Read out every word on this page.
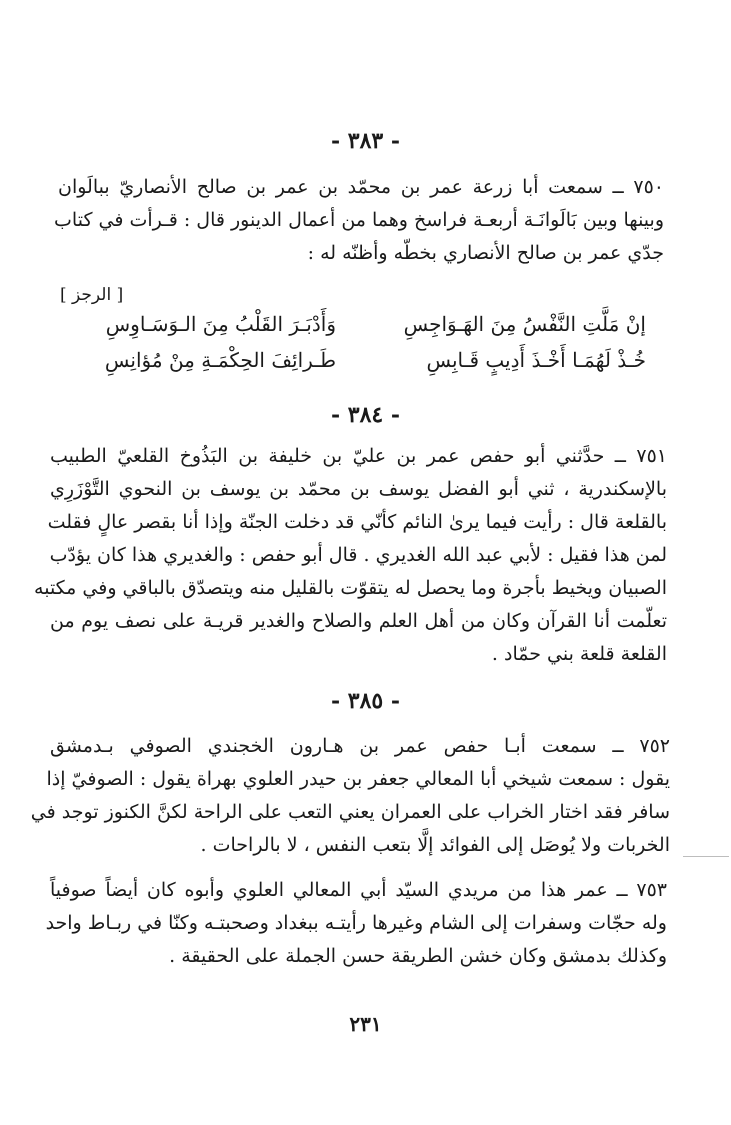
- ٣٨٣ -
٧٥٠ ــ سمعت أبا زرعة عمر بن محمّد بن عمر بن صالح الأنصاريّ ببالَوان
وبينها وبين بَالَوانَـة أربعـة فراسخ وهما من أعمال الدينور قال : قـرأت في كتاب
جدّي عمر بن صالح الأنصاري بخطّه وأظنّه له :
[ الرجز ]
إنْ مَلَّتِ النَّفْسُ مِنَ الهَـوَاجِسِ
وَأَدْبَـرَ القَلْبُ مِنَ الـوَسَـاوِسِ
خُـذْ لَهُمَـا أَخْـذَ أَدِيبٍ قَـابِسِ
طَـرائِفَ الحِكْمَـةِ مِنْ مُؤانِسِ
- ٣٨٤ -
٧٥١ ــ حدَّثني أبو حفص عمر بن عليّ بن خليفة بن البَذُوخ القلعيّ الطبيب
بالإسكندرية ، ثني أبو الفضل يوسف بن محمّد بن يوسف بن النحوي التَّوْزَرِي
بالقلعة قال : رأيت فيما يرىٰ النائم كأنّي قد دخلت الجنّة وإذا أنا بقصر عالٍ فقلت
لمن هذا فقيل : لأبي عبد الله الغديري . قال أبو حفص : والغديري هذا كان يؤدّب
الصبيان ويخيط بأجرة وما يحصل له يتقوّت بالقليل منه ويتصدّق بالباقي وفي مكتبه
تعلّمت أنا القرآن وكان من أهل العلم والصلاح والغدير قريـة على نصف يوم من
القلعة قلعة بني حمّاد .
- ٣٨٥ -
٧٥٢ ــ سمعت أبـا حفص عمر بن هـارون الخجندي الصوفي بـدمشق
يقول : سمعت شيخي أبا المعالي جعفر بن حيدر العلوي بهراة يقول : الصوفيّ إذا
سافر فقد اختار الخراب على العمران يعني التعب على الراحة لكنَّ الكنوز توجد في
الخربات ولا يُوصَل إلى الفوائد إلَّا بتعب النفس ، لا بالراحات .
٧٥٣ ــ عمر هذا من مريدي السيّد أبي المعالي العلوي وأبوه كان أيضاً صوفياً
وله حجّات وسفرات إلى الشام وغيرها رأيتـه ببغداد وصحبتـه وكنّا في ربـاط واحد
وكذلك بدمشق وكان خشن الطريقة حسن الجملة على الحقيقة .
٢٣١
